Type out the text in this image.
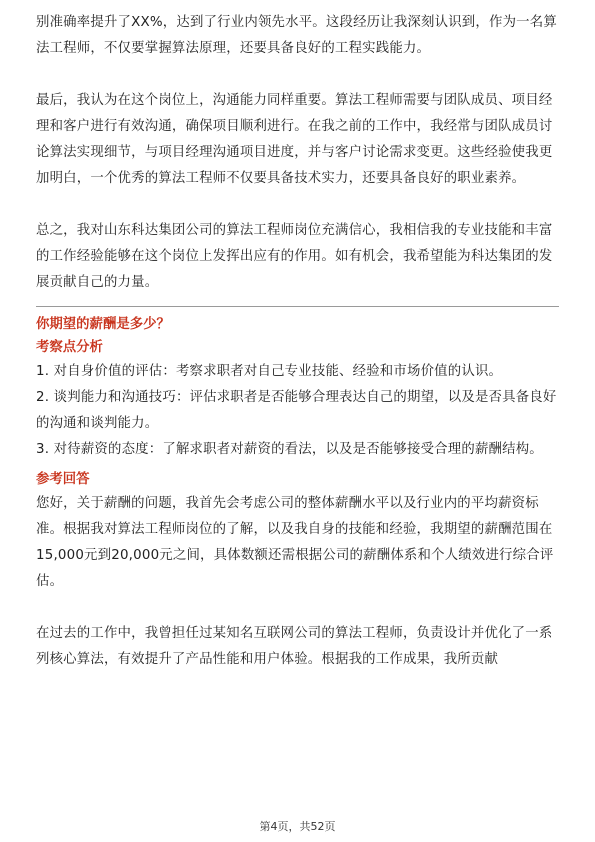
别准确率提升了XX%，达到了行业内领先水平。这段经历让我深刻认识到，作为一名算法工程师，不仅要掌握算法原理，还要具备良好的工程实践能力。

最后，我认为在这个岗位上，沟通能力同样重要。算法工程师需要与团队成员、项目经理和客户进行有效沟通，确保项目顺利进行。在我之前的工作中，我经常与团队成员讨论算法实现细节，与项目经理沟通项目进度，并与客户讨论需求变更。这些经验使我更加明白，一个优秀的算法工程师不仅要具备技术实力，还要具备良好的职业素养。

总之，我对山东科达集团公司的算法工程师岗位充满信心，我相信我的专业技能和丰富的工作经验能够在这个岗位上发挥出应有的作用。如有机会，我希望能为科达集团的发展贡献自己的力量。

你期望的薪酬是多少？
考察点分析

1. 对自身价值的评估：考察求职者对自己专业技能、经验和市场价值的认识。

2. 谈判能力和沟通技巧：评估求职者是否能够合理表达自己的期望，以及是否具备良好的沟通和谈判能力。

3. 对待薪资的态度：了解求职者对薪资的看法，以及是否能够接受合理的薪酬结构。

参考回答

您好，关于薪酬的问题，我首先会考虑公司的整体薪酬水平以及行业内的平均薪资标准。根据我对算法工程师岗位的了解，以及我自身的技能和经验，我期望的薪酬范围在15,000元到20,000元之间，具体数额还需根据公司的薪酬体系和个人绩效进行综合评估。

在过去的工作中，我曾担任过某知名互联网公司的算法工程师，负责设计并优化了一系列核心算法，有效提升了产品性能和用户体验。根据我的工作成果，我所贡献

第4页，共52页
